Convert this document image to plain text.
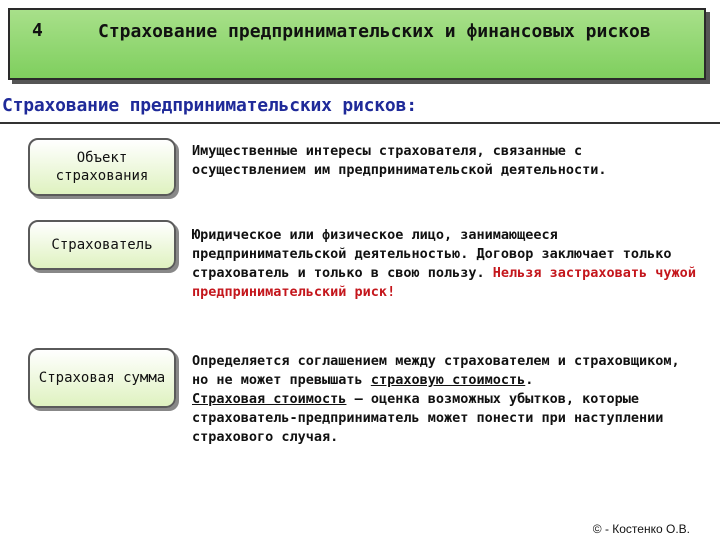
4	Страхование предпринимательских и финансовых рисков
Страхование предпринимательских рисков:
Объект страхования
Имущественные интересы страхователя, связанные с осуществлением им предпринимательской деятельности.
Страхователь
Юридическое или физическое лицо, занимающееся предпринимательской деятельностью. Договор заключает только страхователь и только в свою пользу. Нельзя застраховать чужой предпринимательский риск!
Страховая сумма
Определяется соглашением между страхователем и страховщиком, но не может превышать страховую стоимость.
Страховая стоимость – оценка возможных убытков, которые страхователь-предприниматель может понести при наступлении страхового случая.
© - Костенко О.В.
